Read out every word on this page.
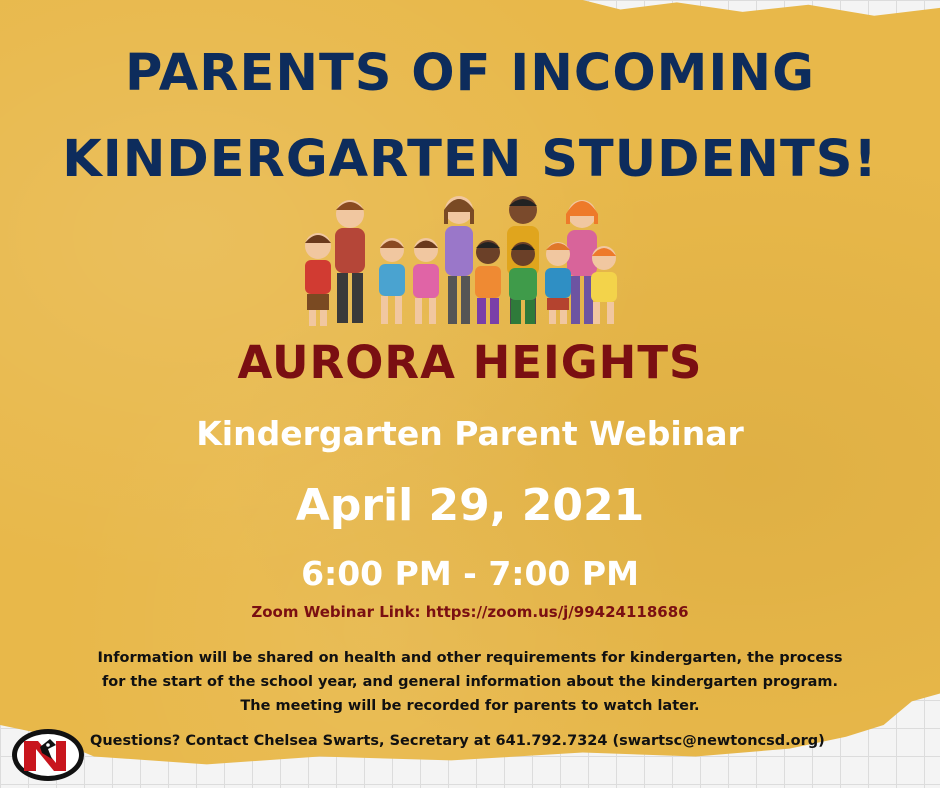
PARENTS OF INCOMING
KINDERGARTEN STUDENTS!
AURORA HEIGHTS
Kindergarten Parent Webinar
April 29, 2021
6:00 PM - 7:00 PM
Zoom Webinar Link: https://zoom.us/j/99424118686
Information will be shared on health and other requirements for kindergarten, the process
for the start of the school year, and general information about the kindergarten program.
The meeting will be recorded for parents to watch later.
Questions? Contact Chelsea Swarts, Secretary at 641.792.7324 (swartsc@newtoncsd.org)
